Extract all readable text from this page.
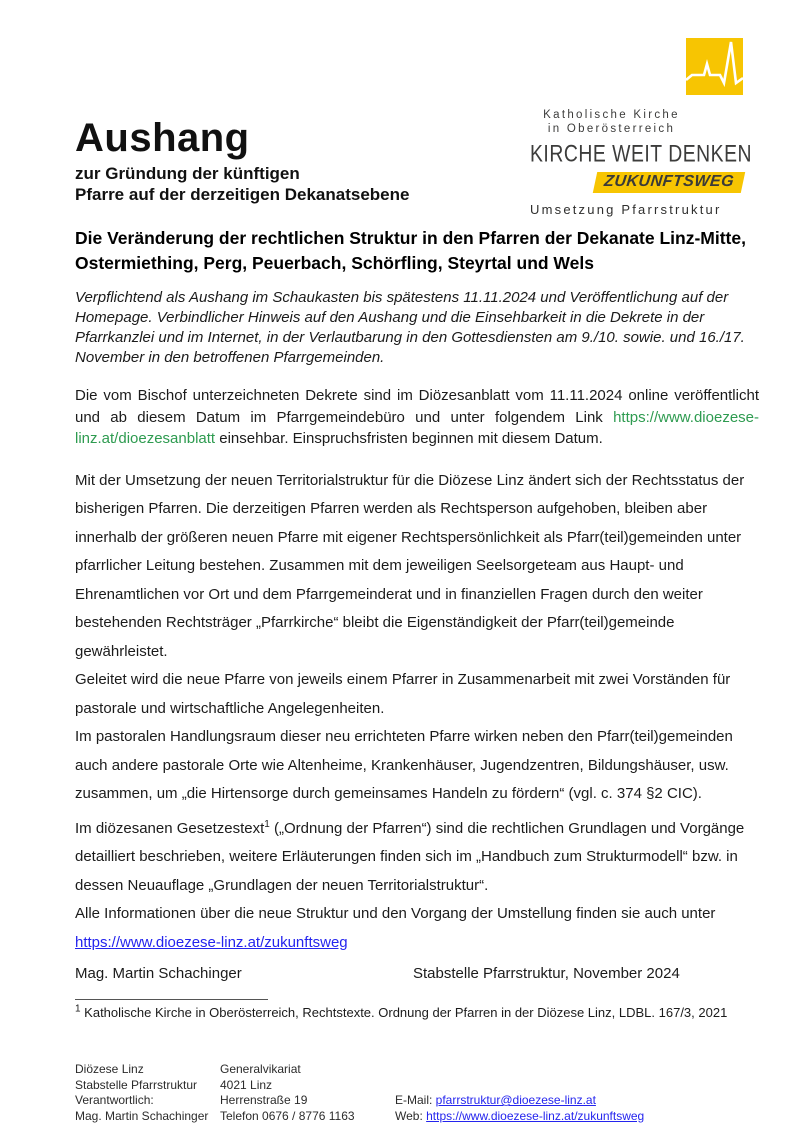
Aushang
zur Gründung der künftigen
Pfarre auf der derzeitigen Dekanatsebene
Katholische Kirche
in Oberösterreich
KIRCHE WEIT DENKEN
ZUKUNFTSWEG
Umsetzung Pfarrstruktur
Die Veränderung der rechtlichen Struktur in den Pfarren der Dekanate Linz-Mitte, Ostermiething, Perg, Peuerbach, Schörfling, Steyrtal und Wels

Verpflichtend als Aushang im Schaukasten bis spätestens 11.11.2024 und Veröffentlichung auf der Homepage. Verbindlicher Hinweis auf den Aushang und die Einsehbarkeit in die Dekrete in der Pfarrkanzlei und im Internet, in der Verlautbarung in den Gottesdiensten am 9./10. sowie. und 16./17. November in den betroffenen Pfarrgemeinden.

Die vom Bischof unterzeichneten Dekrete sind im Diözesanblatt vom 11.11.2024 online veröffentlicht und ab diesem Datum im Pfarrgemeindebüro und unter folgendem Link https://www.dioezese-linz.at/dioezesanblatt einsehbar. Einspruchsfristen beginnen mit diesem Datum.

Mit der Umsetzung der neuen Territorialstruktur für die Diözese Linz ändert sich der Rechtsstatus der bisherigen Pfarren. Die derzeitigen Pfarren werden als Rechtsperson aufgehoben, bleiben aber innerhalb der größeren neuen Pfarre mit eigener Rechtspersönlichkeit als Pfarr(teil)gemeinden unter pfarrlicher Leitung bestehen. Zusammen mit dem jeweiligen Seelsorgeteam aus Haupt- und Ehrenamtlichen vor Ort und dem Pfarrgemeinderat und in finanziellen Fragen durch den weiter bestehenden Rechtsträger „Pfarrkirche“ bleibt die Eigenständigkeit der Pfarr(teil)gemeinde gewährleistet.

Geleitet wird die neue Pfarre von jeweils einem Pfarrer in Zusammenarbeit mit zwei Vorständen für pastorale und wirtschaftliche Angelegenheiten.

Im pastoralen Handlungsraum dieser neu errichteten Pfarre wirken neben den Pfarr(teil)gemeinden auch andere pastorale Orte wie Altenheime, Krankenhäuser, Jugendzentren, Bildungshäuser, usw. zusammen, um „die Hirtensorge durch gemeinsames Handeln zu fördern“ (vgl. c. 374 §2 CIC).

Im diözesanen Gesetzestext$^1$ („Ordnung der Pfarren“) sind die rechtlichen Grundlagen und Vorgänge detailliert beschrieben, weitere Erläuterungen finden sich im „Handbuch zum Strukturmodell“ bzw. in dessen Neuauflage „Grundlagen der neuen Territorialstruktur“.

Alle Informationen über die neue Struktur und den Vorgang der Umstellung finden sie auch unter

https://www.dioezese-linz.at/zukunftsweg

Mag. Martin Schachinger	Stabstelle Pfarrstruktur, November 2024
$^1$ Katholische Kirche in Oberösterreich, Rechtstexte. Ordnung der Pfarren in der Diözese Linz, LDBL. 167/3, 2021
Diözese Linz
Stabstelle Pfarrstruktur
Verantwortlich:
Mag. Martin Schachinger
Generalvikariat
4021 Linz
Herrenstraße 19
Telefon 0676 / 8776 1163
E-Mail: pfarrstruktur@dioezese-linz.at
Web: https://www.dioezese-linz.at/zukunftsweg
